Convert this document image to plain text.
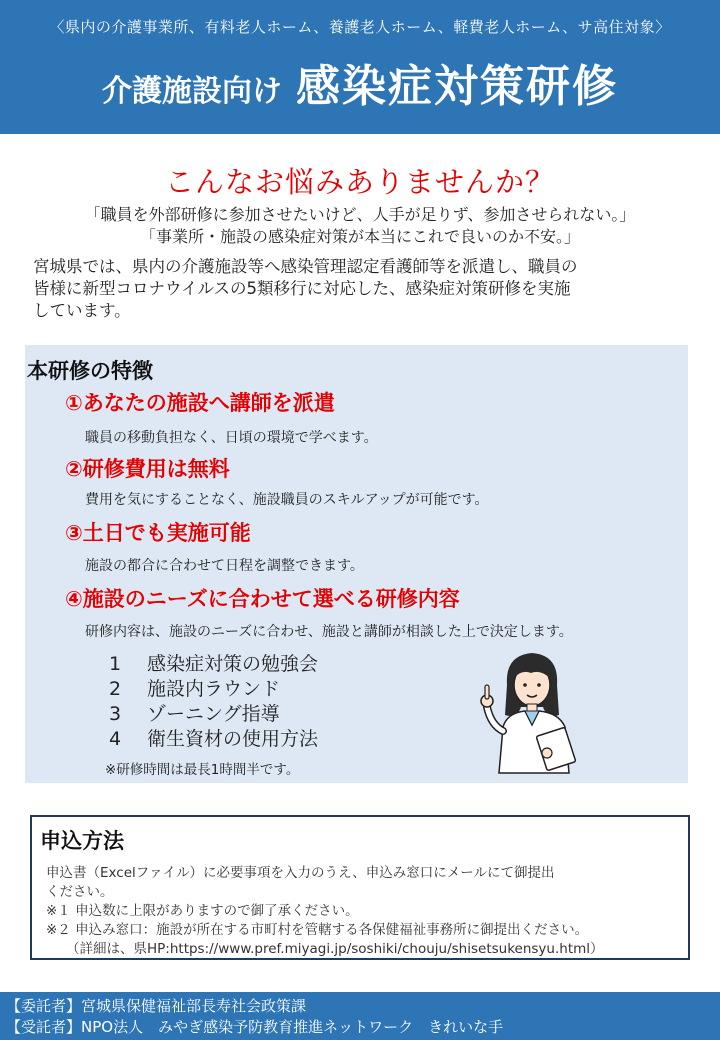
〈県内の介護事業所、有料老人ホーム、養護老人ホーム、軽費老人ホーム、サ高住対象〉
介護施設向け 感染症対策研修
こんなお悩みありませんか？
「職員を外部研修に参加させたいけど、人手が足りず、参加させられない。」
「事業所・施設の感染症対策が本当にこれで良いのか不安。」
宮城県では、県内の介護施設等へ感染管理認定看護師等を派遣し、職員の
皆様に新型コロナウイルスの5類移行に対応した、感染症対策研修を実施
しています。
本研修の特徴
①あなたの施設へ講師を派遣
職員の移動負担なく、日頃の環境で学べます。
②研修費用は無料
費用を気にすることなく、施設職員のスキルアップが可能です。
③土日でも実施可能
施設の都合に合わせて日程を調整できます。
④施設のニーズに合わせて選べる研修内容
研修内容は、施設のニーズに合わせ、施設と講師が相談した上で決定します。
1 感染症対策の勉強会
2 施設内ラウンド
3 ゾーニング指導
4 衛生資材の使用方法
※研修時間は最長1時間半です。
申込方法
申込書（Excelファイル）に必要事項を入力のうえ、申込み窓口にメールにて御提出
ください。
※１ 申込数に上限がありますので御了承ください。
※２ 申込み窓口：施設が所在する市町村を管轄する各保健福祉事務所に御提出ください。
（詳細は、県HP:https://www.pref.miyagi.jp/soshiki/chouju/shisetsukensyu.html）
【委託者】宮城県保健福祉部長寿社会政策課
【受託者】NPO法人　みやぎ感染予防教育推進ネットワーク　きれいな手
